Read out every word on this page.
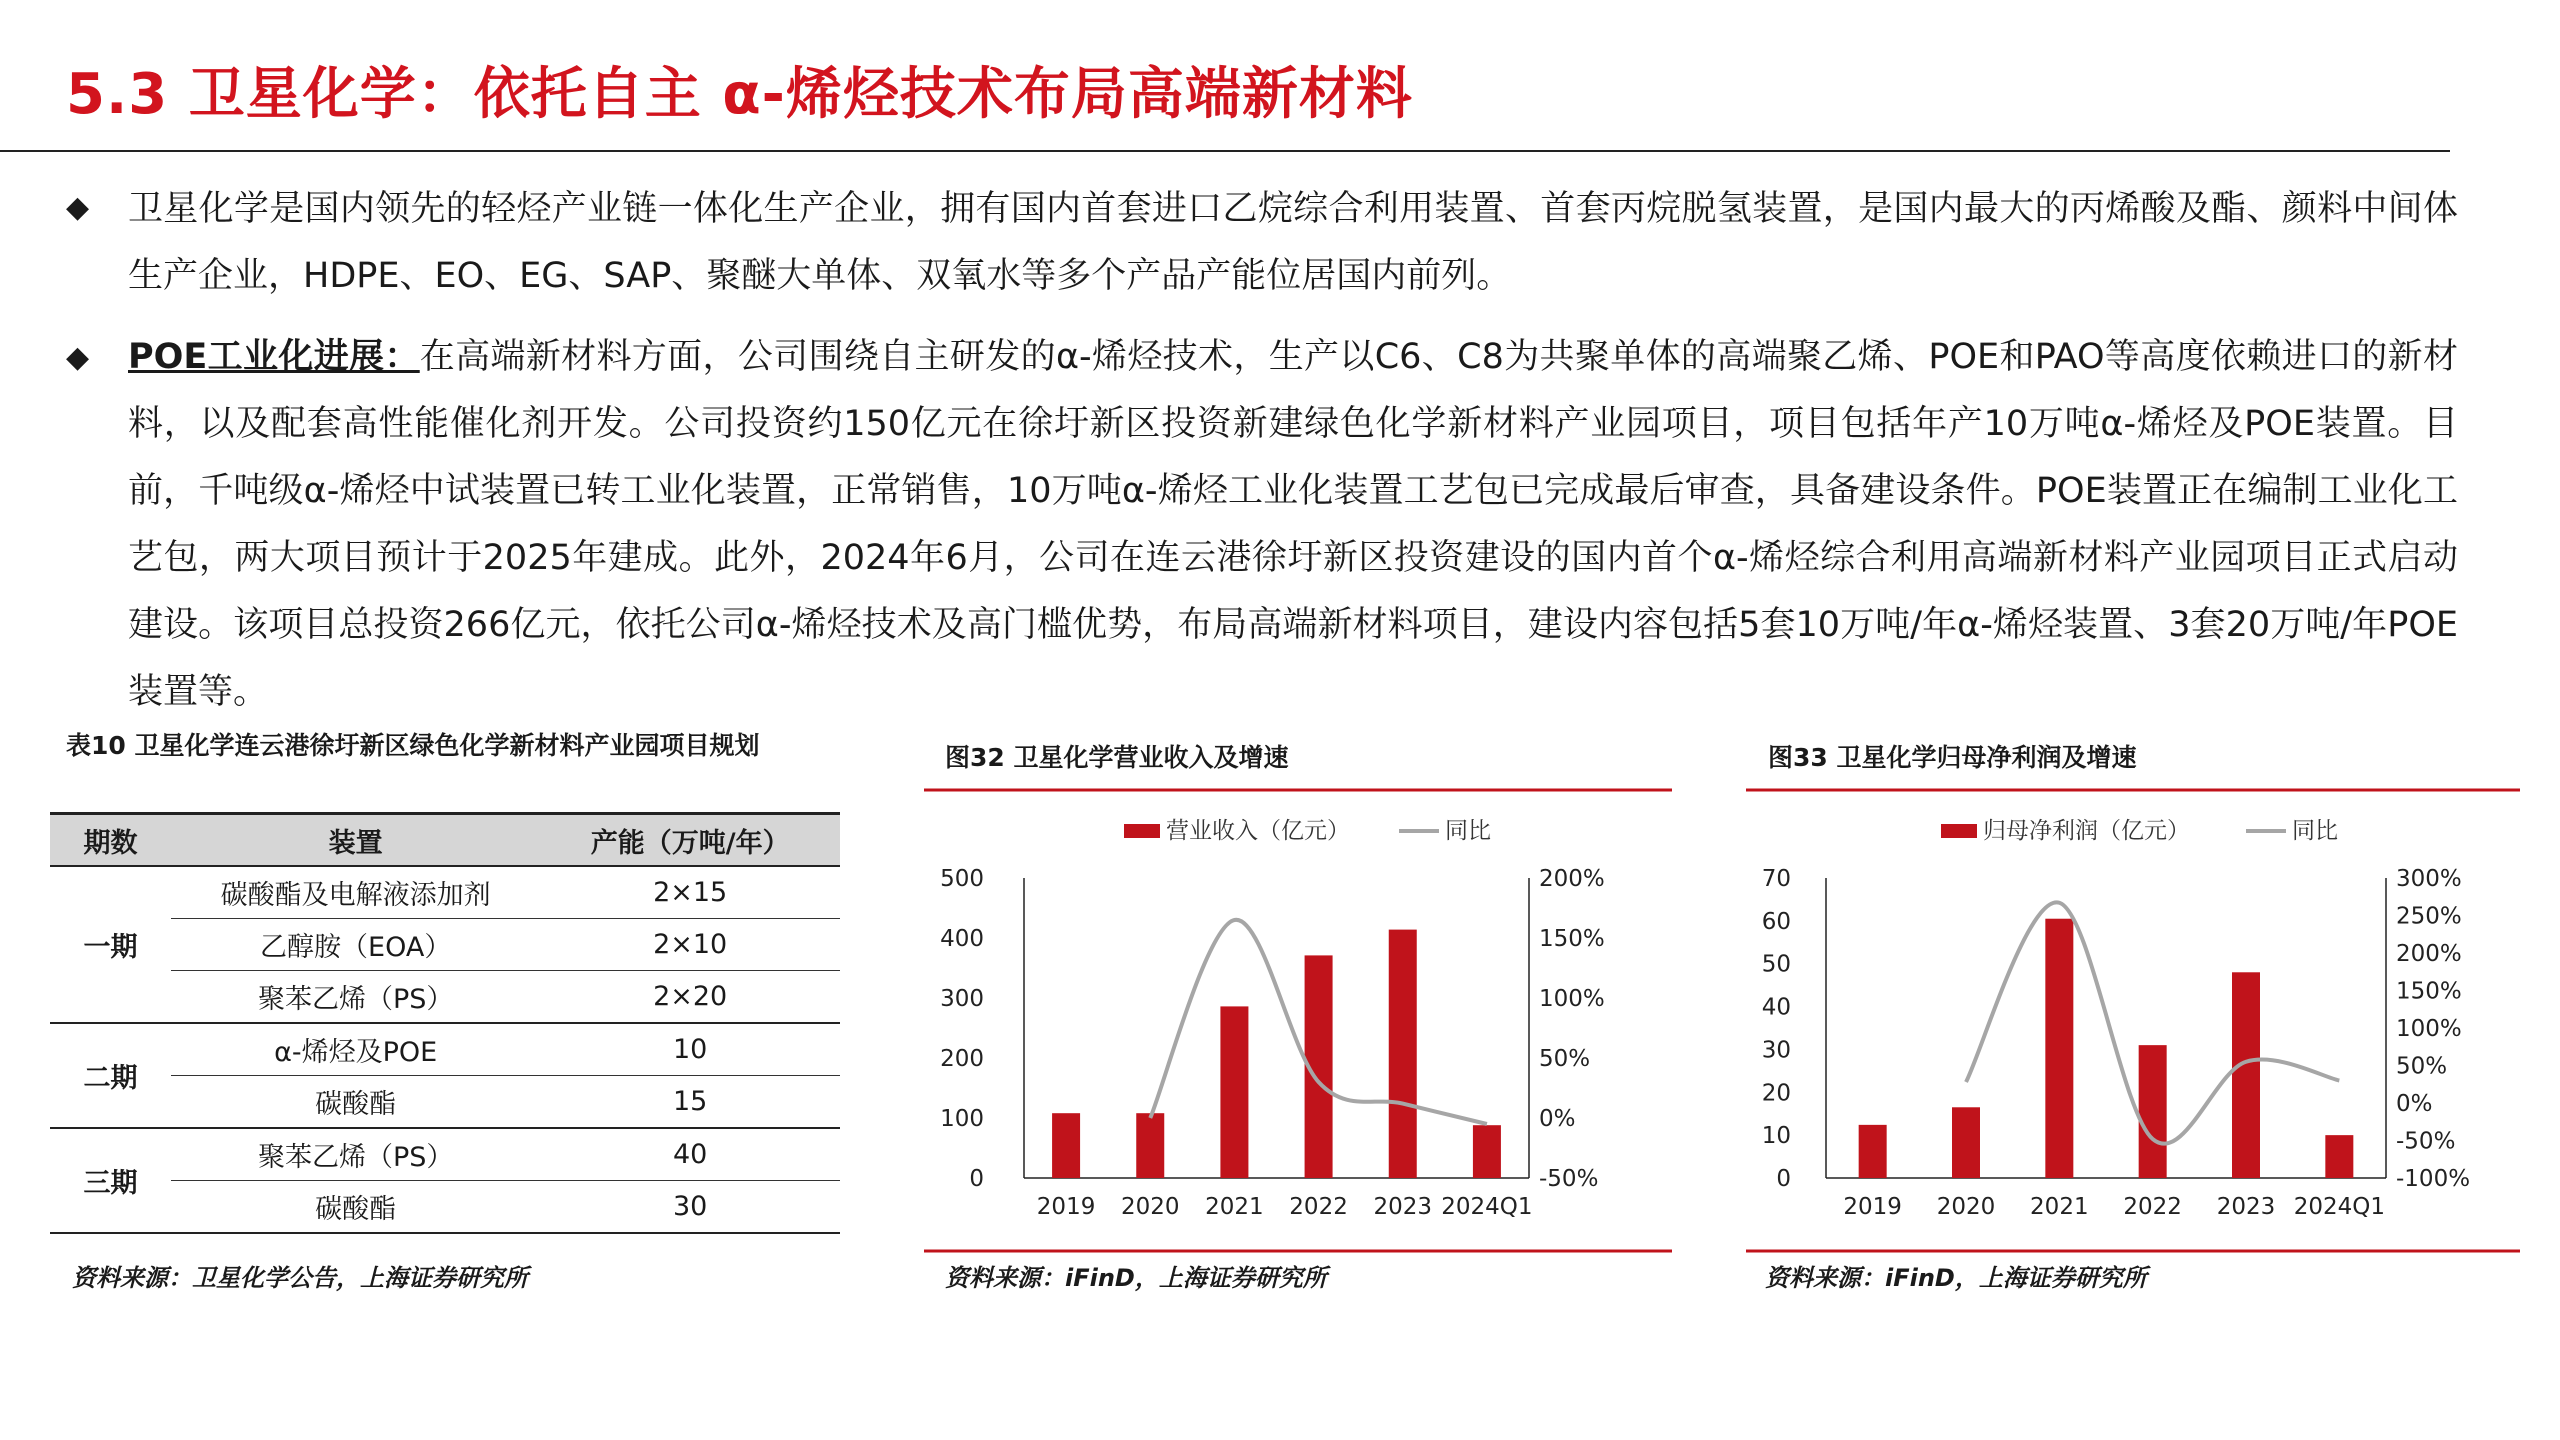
5.3 卫星化学：依托自主 α-烯烃技术布局高端新材料
◆ 卫星化学是国内领先的轻烃产业链一体化生产企业，拥有国内首套进口乙烷综合利用装置、首套丙烷脱氢装置，是国内最大的丙烯酸及酯、颜料中间体生产企业，HDPE、EO、EG、SAP、聚醚大单体、双氧水等多个产品产能位居国内前列。
◆ POE工业化进展：在高端新材料方面，公司围绕自主研发的α-烯烃技术，生产以C6、C8为共聚单体的高端聚乙烯、POE和PAO等高度依赖进口的新材料，以及配套高性能催化剂开发。公司投资约150亿元在徐圩新区投资新建绿色化学新材料产业园项目，项目包括年产10万吨α-烯烃及POE装置。目前，千吨级α-烯烃中试装置已转工业化装置，正常销售，10万吨α-烯烃工业化装置工艺包已完成最后审查，具备建设条件。POE装置正在编制工业化工艺包，两大项目预计于2025年建成。此外，2024年6月，公司在连云港徐圩新区投资建设的国内首个α-烯烃综合利用高端新材料产业园项目正式启动建设。该项目总投资266亿元，依托公司α-烯烃技术及高门槛优势，布局高端新材料项目，建设内容包括5套10万吨/年α-烯烃装置、3套20万吨/年POE装置等。
表10 卫星化学连云港徐圩新区绿色化学新材料产业园项目规划
期数	装置	产能（万吨/年）
一期	碳酸酯及电解液添加剂	2×15
	乙醇胺（EOA）	2×10
	聚苯乙烯（PS）	2×20
二期	α-烯烃及POE	10
	碳酸酯	15
三期	聚苯乙烯（PS）	40
	碳酸酯	30
资料来源：卫星化学公告，上海证券研究所
图32 卫星化学营业收入及增速
营业收入（亿元）	同比
0
100
200
300
400
500
-50%
0%
50%
100%
150%
200%
2019 2020 2021 2022 2023 2024Q1
资料来源：iFinD，上海证券研究所
图33 卫星化学归母净利润及增速
归母净利润（亿元）	同比
0
10
20
30
40
50
60
70
-100%
-50%
0%
50%
100%
150%
200%
250%
300%
2019 2020 2021 2022 2023 2024Q1
资料来源：iFinD，上海证券研究所
